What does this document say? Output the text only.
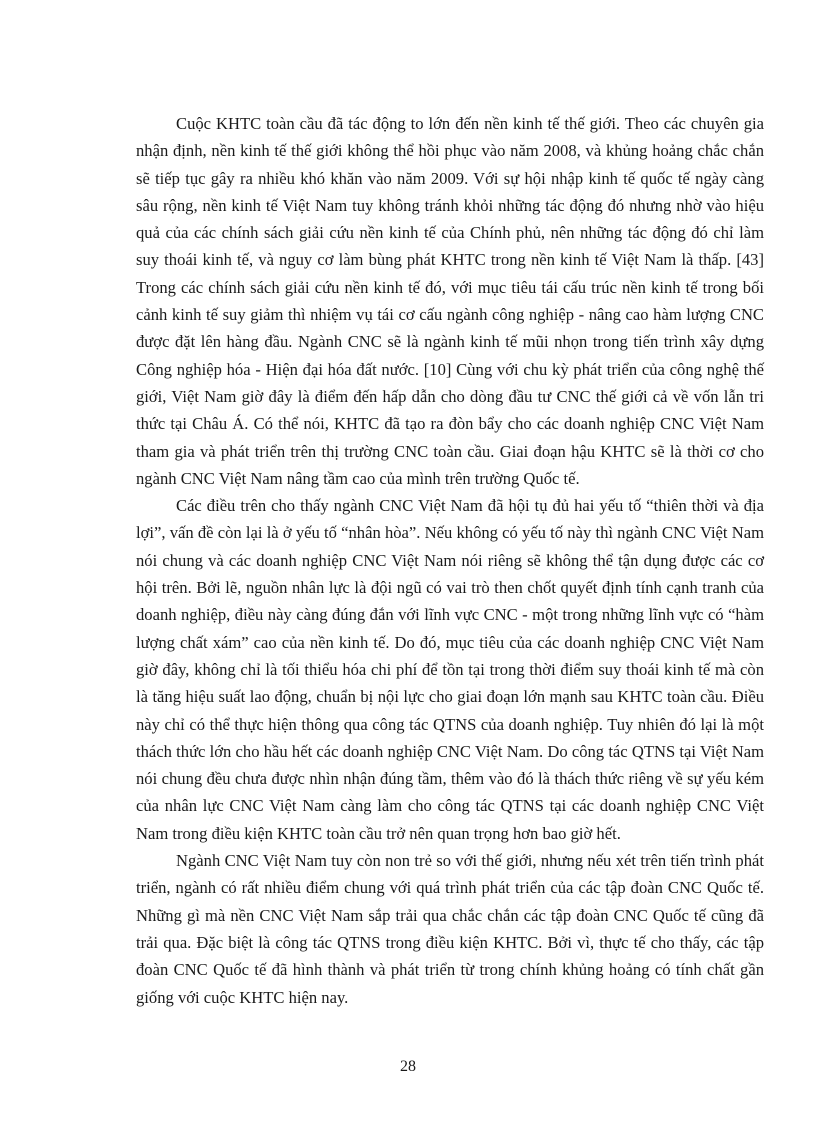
Cuộc KHTC toàn cầu đã tác động to lớn đến nền kinh tế thế giới. Theo các chuyên gia nhận định, nền kinh tế thế giới không thể hồi phục vào năm 2008, và khủng hoảng chắc chắn sẽ tiếp tục gây ra nhiều khó khăn vào năm 2009. Với sự hội nhập kinh tế quốc tế ngày càng sâu rộng, nền kinh tế Việt Nam tuy không tránh khỏi những tác động đó nhưng nhờ vào hiệu quả của các chính sách giải cứu nền kinh tế của Chính phủ, nên những tác động đó chỉ làm suy thoái kinh tế, và nguy cơ làm bùng phát KHTC trong nền kinh tế Việt Nam là thấp. [43] Trong các chính sách giải cứu nền kinh tế đó, với mục tiêu tái cấu trúc nền kinh tế trong bối cảnh kinh tế suy giảm thì nhiệm vụ tái cơ cấu ngành công nghiệp - nâng cao hàm lượng CNC được đặt lên hàng đầu. Ngành CNC sẽ là ngành kinh tế mũi nhọn trong tiến trình xây dựng Công nghiệp hóa - Hiện đại hóa đất nước. [10] Cùng với chu kỳ phát triển của công nghệ thế giới, Việt Nam giờ đây là điểm đến hấp dẫn cho dòng đầu tư CNC thế giới cả về vốn lẫn tri thức tại Châu Á. Có thể nói, KHTC đã tạo ra đòn bẩy cho các doanh nghiệp CNC Việt Nam tham gia và phát triển trên thị trường CNC toàn cầu. Giai đoạn hậu KHTC sẽ là thời cơ cho ngành CNC Việt Nam nâng tầm cao của mình trên trường Quốc tế.

Các điều trên cho thấy ngành CNC Việt Nam đã hội tụ đủ hai yếu tố “thiên thời và địa lợi”, vấn đề còn lại là ở yếu tố “nhân hòa”. Nếu không có yếu tố này thì ngành CNC Việt Nam nói chung và các doanh nghiệp CNC Việt Nam nói riêng sẽ không thể tận dụng được các cơ hội trên. Bởi lẽ, nguồn nhân lực là đội ngũ có vai trò then chốt quyết định tính cạnh tranh của doanh nghiệp, điều này càng đúng đắn với lĩnh vực CNC - một trong những lĩnh vực có “hàm lượng chất xám” cao của nền kinh tế. Do đó, mục tiêu của các doanh nghiệp CNC Việt Nam giờ đây, không chỉ là tối thiểu hóa chi phí để tồn tại trong thời điểm suy thoái kinh tế mà còn là tăng hiệu suất lao động, chuẩn bị nội lực cho giai đoạn lớn mạnh sau KHTC toàn cầu. Điều này chỉ có thể thực hiện thông qua công tác QTNS của doanh nghiệp. Tuy nhiên đó lại là một thách thức lớn cho hầu hết các doanh nghiệp CNC Việt Nam. Do công tác QTNS tại Việt Nam nói chung đều chưa được nhìn nhận đúng tầm, thêm vào đó là thách thức riêng về sự yếu kém của nhân lực CNC Việt Nam càng làm cho công tác QTNS tại các doanh nghiệp CNC Việt Nam trong điều kiện KHTC toàn cầu trở nên quan trọng hơn bao giờ hết.

Ngành CNC Việt Nam tuy còn non trẻ so với thế giới, nhưng nếu xét trên tiến trình phát triển, ngành có rất nhiều điểm chung với quá trình phát triển của các tập đoàn CNC Quốc tế. Những gì mà nền CNC Việt Nam sắp trải qua chắc chắn các tập đoàn CNC Quốc tế cũng đã trải qua. Đặc biệt là công tác QTNS trong điều kiện KHTC. Bởi vì, thực tế cho thấy, các tập đoàn CNC Quốc tế đã hình thành và phát triển từ trong chính khủng hoảng có tính chất gần giống với cuộc KHTC hiện nay.

28
